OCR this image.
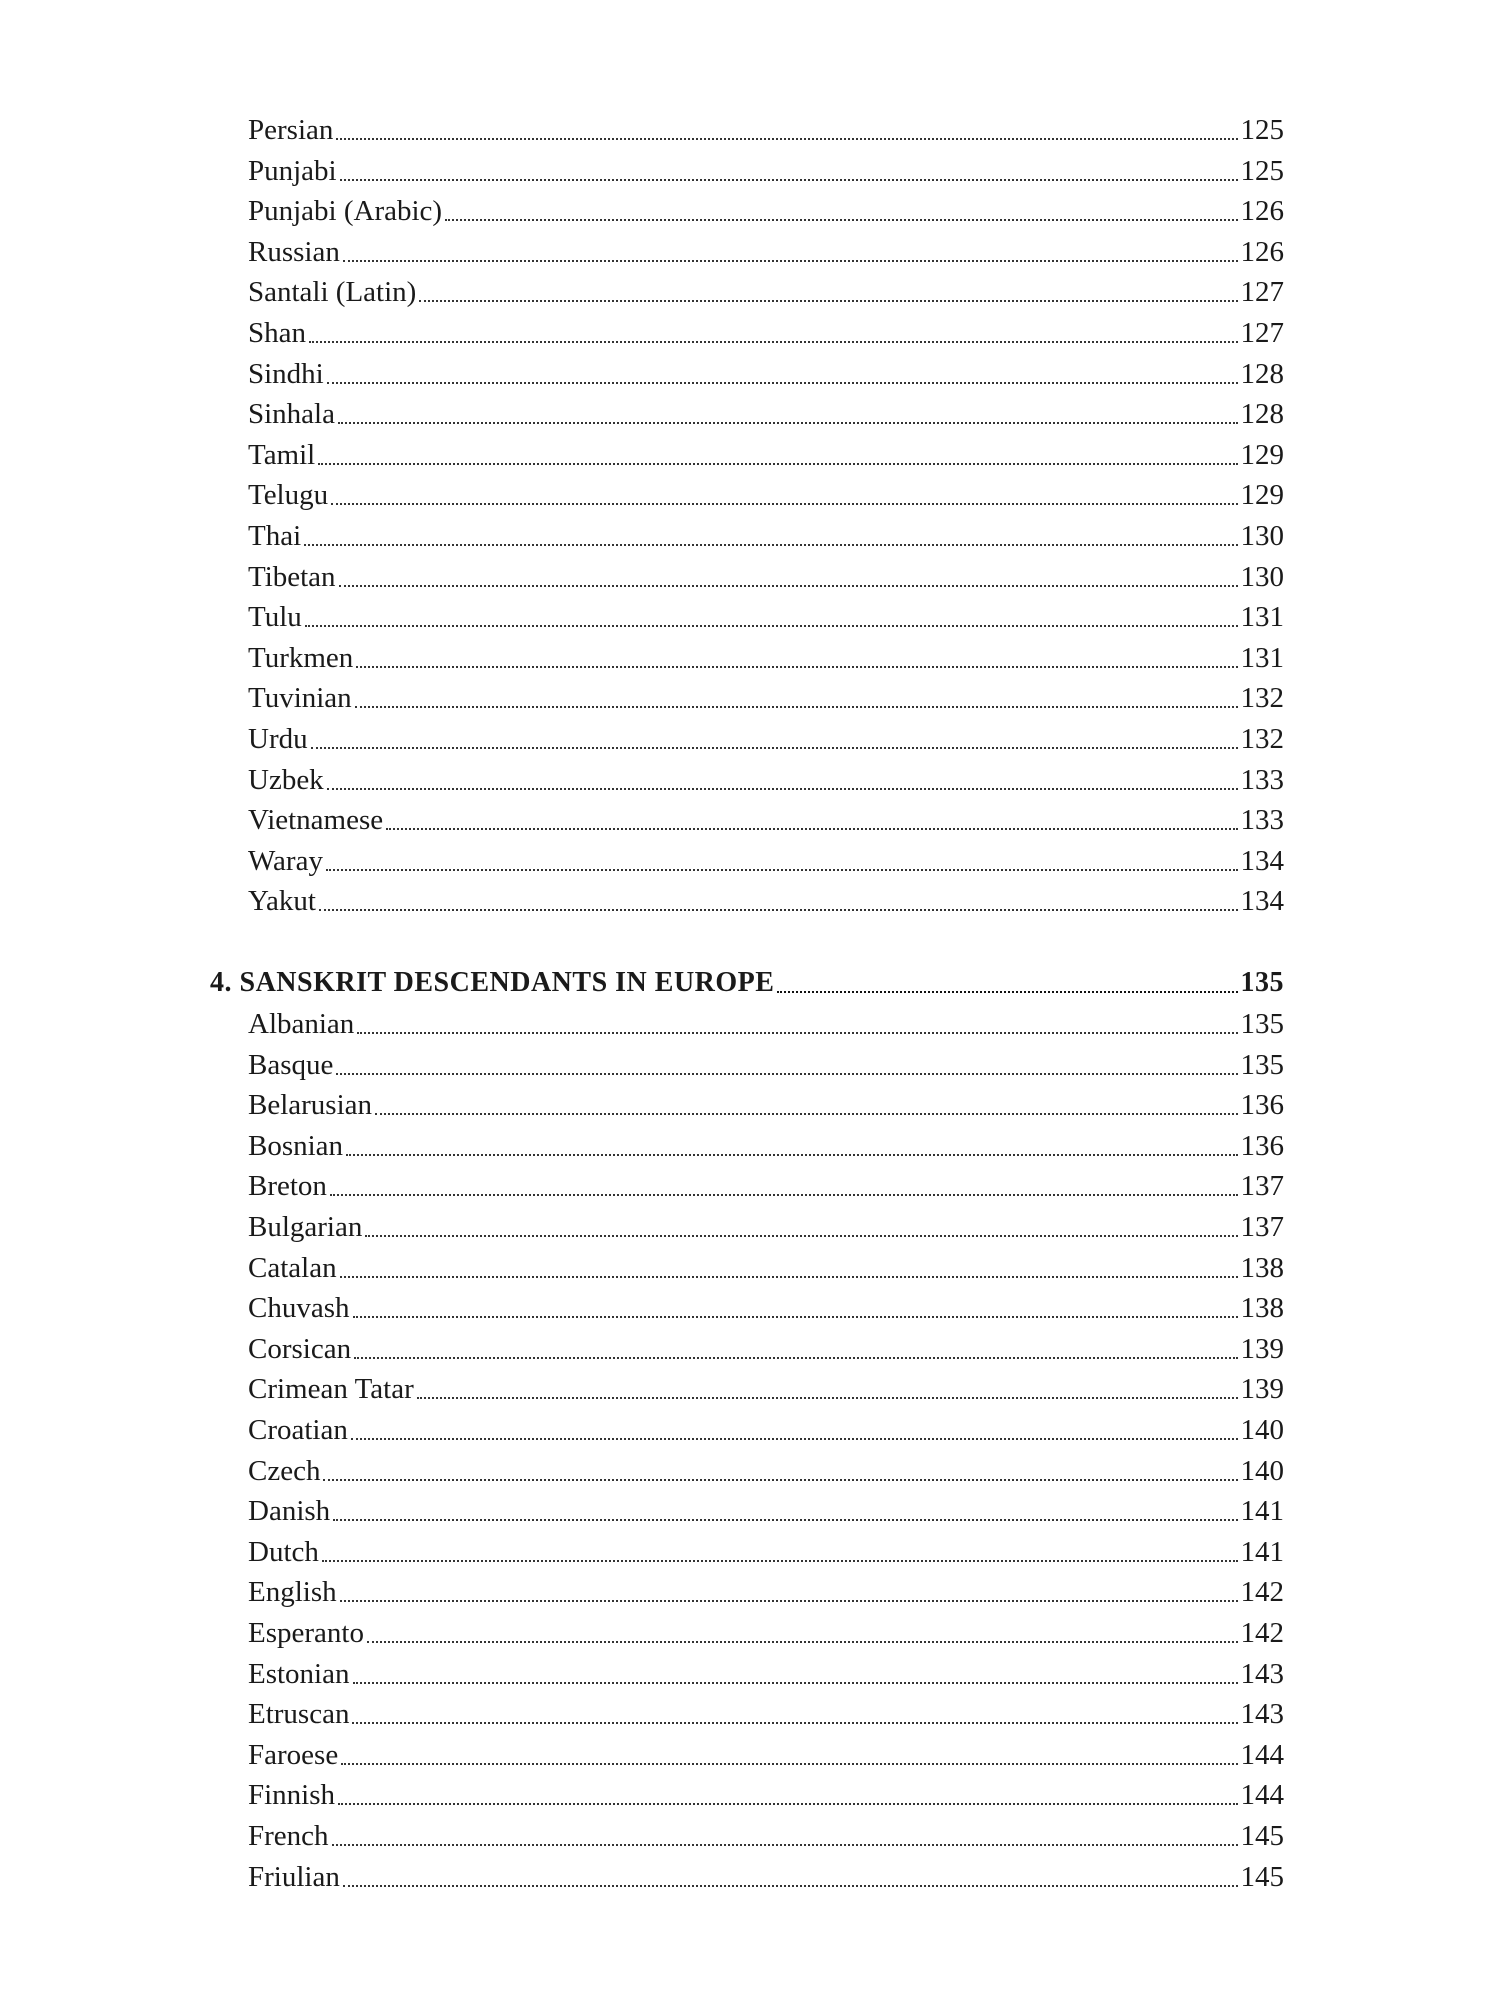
Persian	125
Punjabi	125
Punjabi (Arabic)	126
Russian	126
Santali (Latin)	127
Shan	127
Sindhi	128
Sinhala	128
Tamil	129
Telugu	129
Thai	130
Tibetan	130
Tulu	131
Turkmen	131
Tuvinian	132
Urdu	132
Uzbek	133
Vietnamese	133
Waray	134
Yakut	134
4. SANSKRIT DESCENDANTS IN EUROPE	135
Albanian	135
Basque	135
Belarusian	136
Bosnian	136
Breton	137
Bulgarian	137
Catalan	138
Chuvash	138
Corsican	139
Crimean Tatar	139
Croatian	140
Czech	140
Danish	141
Dutch	141
English	142
Esperanto	142
Estonian	143
Etruscan	143
Faroese	144
Finnish	144
French	145
Friulian	145
